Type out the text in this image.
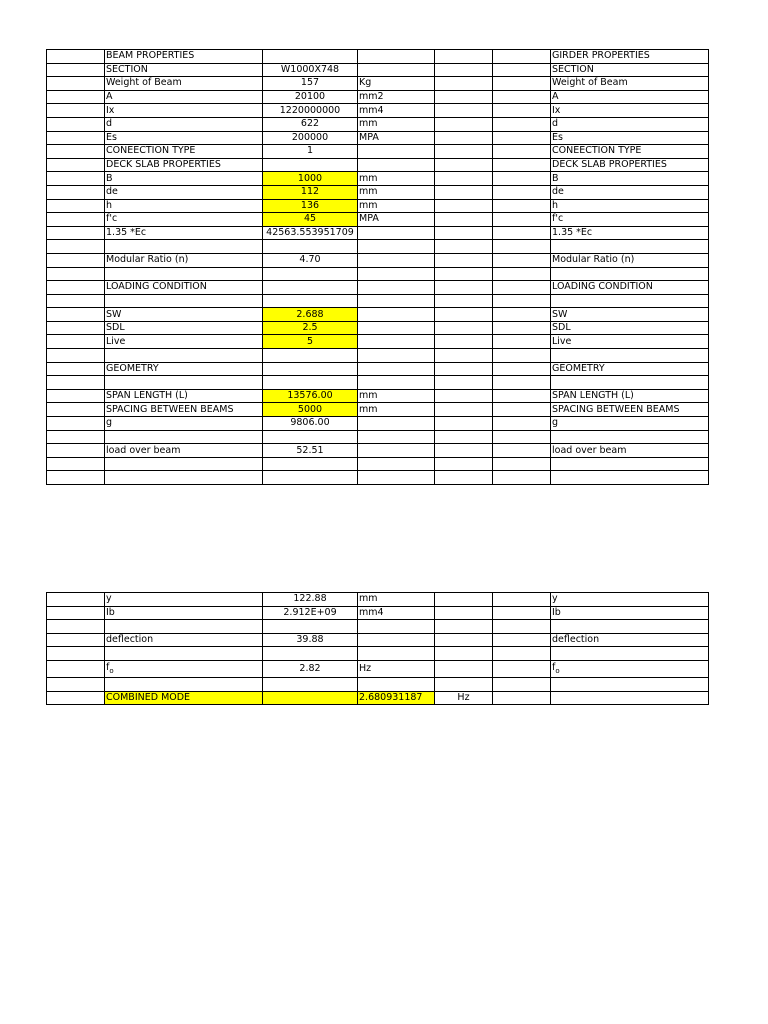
	BEAM PROPERTIES					GIRDER PROPERTIES
	SECTION	W1000X748				SECTION
	Weight of Beam	157	Kg			Weight of Beam
	A	20100	mm2			A
	Ix	1220000000	mm4			Ix
	d	622	mm			d
	Es	200000	MPA			Es
	CONEECTION TYPE	1				CONEECTION TYPE
	DECK SLAB PROPERTIES					DECK SLAB PROPERTIES
	B	1000	mm			B
	de	112	mm			de
	h	136	mm			h
	f'c	45	MPA			f'c
	1.35 *Ec	42563.553951709				1.35 *Ec

	Modular Ratio (n)	4.70				Modular Ratio (n)

	LOADING CONDITION					LOADING CONDITION

	SW	2.688				SW
	SDL	2.5				SDL
	Live	5				Live

	GEOMETRY					GEOMETRY

	SPAN LENGTH (L)	13576.00	mm			SPAN LENGTH (L)
	SPACING BETWEEN BEAMS	5000	mm			SPACING BETWEEN BEAMS
	g	9806.00				g

	load over beam	52.51				load over beam

	y	122.88	mm			y
	Ib	2.912E+09	mm4			Ib

	deflection	39.88				deflection

	$f_o$	2.82	Hz			$f_o$

	COMBINED MODE		2.680931187	Hz		
